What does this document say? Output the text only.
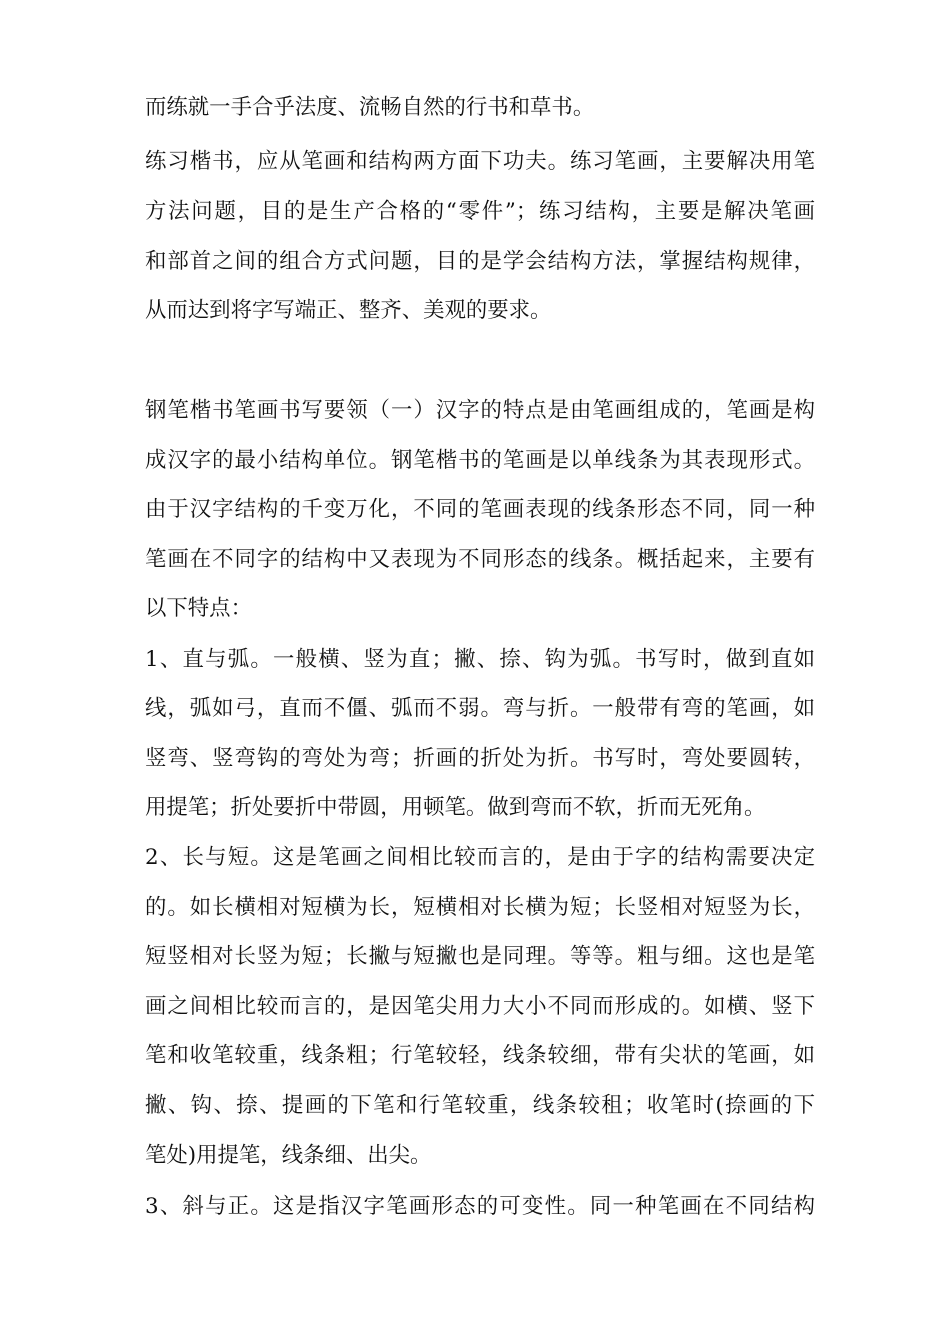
而练就一手合乎法度、流畅自然的行书和草书。
练习楷书，应从笔画和结构两方面下功夫。练习笔画，主要解决用笔
方法问题，目的是生产合格的“零件”；练习结构，主要是解决笔画
和部首之间的组合方式问题，目的是学会结构方法，掌握结构规律，
从而达到将字写端正、整齐、美观的要求。
钢笔楷书笔画书写要领（一）汉字的特点是由笔画组成的，笔画是构
成汉字的最小结构单位。钢笔楷书的笔画是以单线条为其表现形式。
由于汉字结构的千变万化，不同的笔画表现的线条形态不同，同一种
笔画在不同字的结构中又表现为不同形态的线条。概括起来，主要有
以下特点：
1、直与弧。一般横、竖为直；撇、捺、钩为弧。书写时，做到直如
线，弧如弓，直而不僵、弧而不弱。弯与折。一般带有弯的笔画，如
竖弯、竖弯钩的弯处为弯；折画的折处为折。书写时，弯处要圆转，
用提笔；折处要折中带圆，用顿笔。做到弯而不软，折而无死角。
2、长与短。这是笔画之间相比较而言的，是由于字的结构需要决定
的。如长横相对短横为长，短横相对长横为短；长竖相对短竖为长，
短竖相对长竖为短；长撇与短撇也是同理。等等。粗与细。这也是笔
画之间相比较而言的，是因笔尖用力大小不同而形成的。如横、竖下
笔和收笔较重，线条粗；行笔较轻，线条较细，带有尖状的笔画，如
撇、钩、捺、提画的下笔和行笔较重，线条较租；收笔时(捺画的下
笔处)用提笔，线条细、出尖。
3、斜与正。这是指汉字笔画形态的可变性。同一种笔画在不同结构
